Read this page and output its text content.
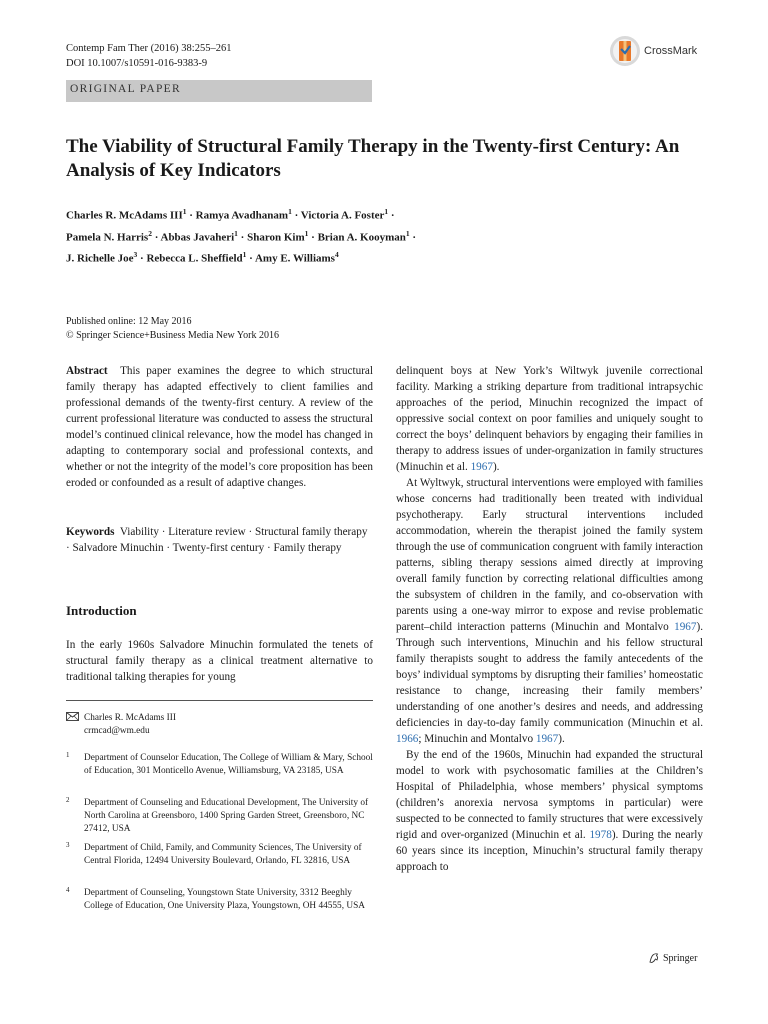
Contemp Fam Ther (2016) 38:255–261
DOI 10.1007/s10591-016-9383-9
CrossMark
ORIGINAL PAPER
The Viability of Structural Family Therapy in the Twenty-first Century: An Analysis of Key Indicators
Charles R. McAdams $III^1$ · Ramya Avadhanam$^1$ · Victoria A. Foster$^1$ ·
Pamela N. Harris$^2$ · Abbas Javaheri$^1$ · Sharon Kim$^1$ · Brian A. Kooyman$^1$ ·
J. Richelle Joe$^3$ · Rebecca L. Sheffield$^1$ · Amy E. Williams$^4$
Published online: 12 May 2016
© Springer Science+Business Media New York 2016

Abstract This paper examines the degree to which structural family therapy has adapted effectively to client families and professional demands of the twenty-first century. A review of the current professional literature was conducted to assess the structural model’s continued clinical relevance, how the model has changed in adapting to contemporary social and professional contexts, and whether or not the integrity of the model’s core proposition has been eroded or confounded as a result of adaptive changes.

Keywords Viability · Literature review · Structural family therapy · Salvadore Minuchin · Twenty-first century · Family therapy

Introduction

In the early 1960s Salvadore Minuchin formulated the tenets of structural family therapy as a clinical treatment alternative to traditional talking therapies for young

Charles R. McAdams III
crmcad@wm.edu
1 Department of Counselor Education, The College of William & Mary, School of Education, 301 Monticello Avenue, Williamsburg, VA 23185, USA
2 Department of Counseling and Educational Development, The University of North Carolina at Greensboro, 1400 Spring Garden Street, Greensboro, NC 27412, USA
3 Department of Child, Family, and Community Sciences, The University of Central Florida, 12494 University Boulevard, Orlando, FL 32816, USA
4 Department of Counseling, Youngstown State University, 3312 Beeghly College of Education, One University Plaza, Youngstown, OH 44555, USA

delinquent boys at New York’s Wiltwyk juvenile correctional facility. Marking a striking departure from traditional intrapsychic approaches of the period, Minuchin recognized the impact of oppressive social context on poor families and uniquely sought to correct the boys’ delinquent behaviors by engaging their families in therapy to address issues of under-organization in family structures (Minuchin et al. 1967).

At Wyltwyk, structural interventions were employed with families whose concerns had traditionally been treated with individual psychotherapy. Early structural interventions included accommodation, wherein the therapist joined the family system through the use of communication congruent with family interaction patterns, sibling therapy sessions aimed directly at improving overall family function by correcting relational difficulties among the subsystem of children in the family, and co-observation with parents using a one-way mirror to expose and revise problematic parent–child interaction patterns (Minuchin and Montalvo 1967). Through such interventions, Minuchin and his fellow structural family therapists sought to address the family antecedents of the boys’ individual symptoms by disrupting their families’ homeostatic resistance to change, increasing their family members’ understanding of one another’s desires and needs, and addressing deficiencies in day-to-day family communication (Minuchin et al. 1966; Minuchin and Montalvo 1967).

By the end of the 1960s, Minuchin had expanded the structural model to work with psychosomatic families at the Children’s Hospital of Philadelphia, whose members’ physical symptoms (children’s anorexia nervosa symptoms in particular) were suspected to be connected to family structures that were excessively rigid and over-organized (Minuchin et al. 1978). During the nearly 60 years since its inception, Minuchin’s structural family therapy approach to

Springer
